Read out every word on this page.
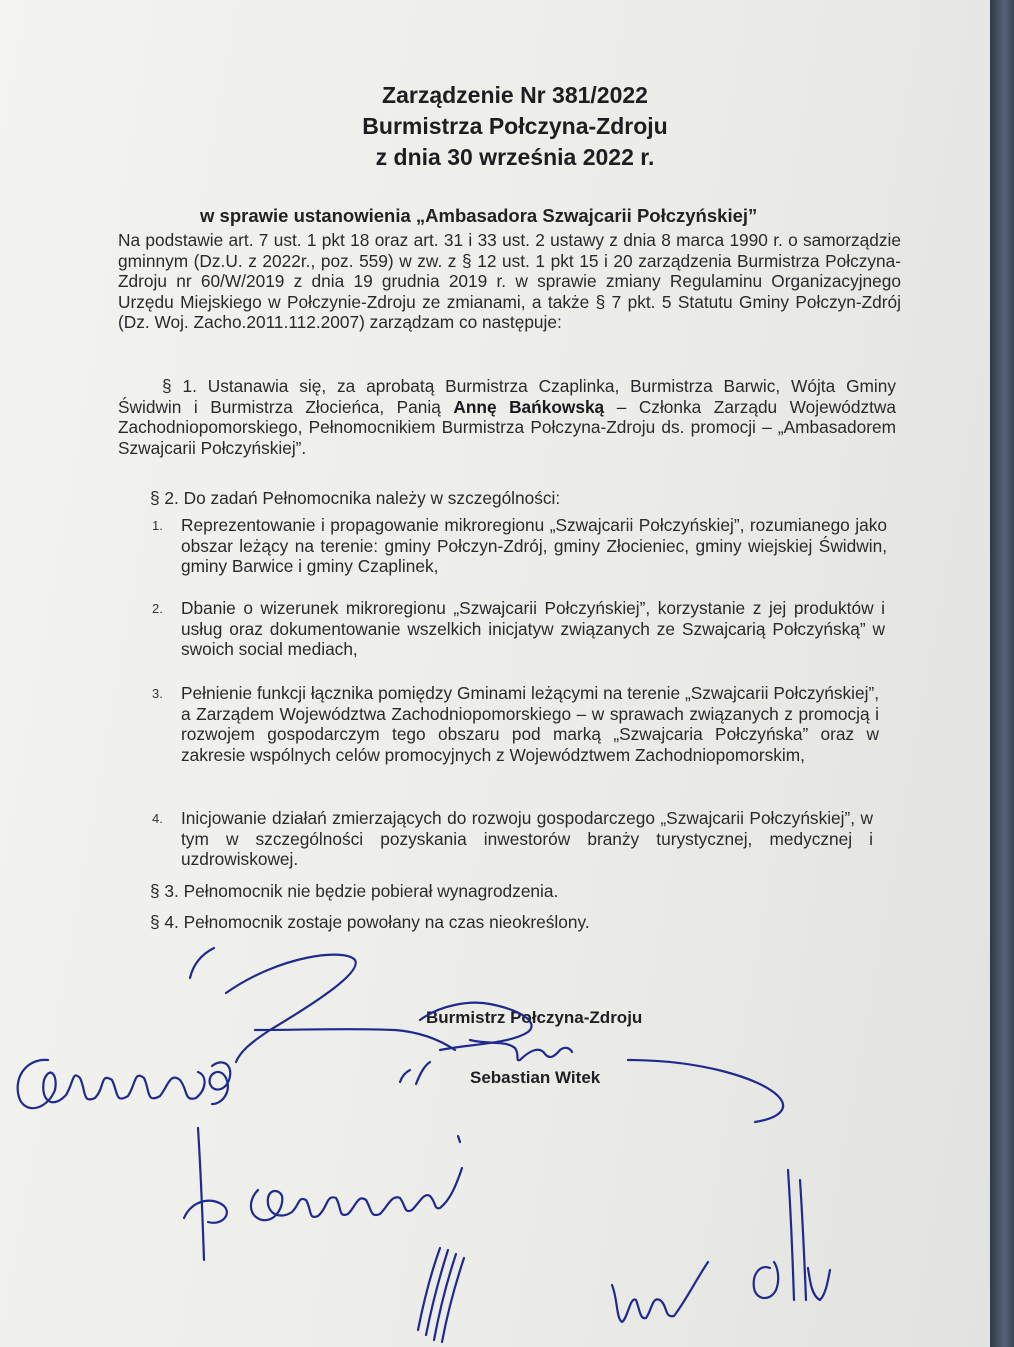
Zarządzenie Nr 381/2022
Burmistrza Połczyna-Zdroju
z dnia 30 września 2022 r.
w sprawie ustanowienia „Ambasadora Szwajcarii Połczyńskiej”
Na podstawie art. 7 ust. 1 pkt 18 oraz art. 31 i 33 ust. 2 ustawy z dnia 8 marca 1990 r. o samorządzie gminnym (Dz.U. z 2022r., poz. 559) w zw. z § 12 ust. 1 pkt 15 i 20 zarządzenia Burmistrza Połczyna-Zdroju nr 60/W/2019 z dnia 19 grudnia 2019 r. w sprawie zmiany Regulaminu Organizacyjnego Urzędu Miejskiego w Połczynie-Zdroju ze zmianami, a także § 7 pkt. 5 Statutu Gminy Połczyn-Zdrój (Dz. Woj. Zacho.2011.112.2007) zarządzam co następuje:
§ 1. Ustanawia się, za aprobatą Burmistrza Czaplinka, Burmistrza Barwic, Wójta Gminy Świdwin i Burmistrza Złocieńca, Panią Annę Bańkowską – Członka Zarządu Województwa Zachodniopomorskiego, Pełnomocnikiem Burmistrza Połczyna-Zdroju ds. promocji – „Ambasadorem Szwajcarii Połczyńskiej”.
§ 2. Do zadań Pełnomocnika należy w szczególności:
1. Reprezentowanie i propagowanie mikroregionu „Szwajcarii Połczyńskiej”, rozumianego jako obszar leżący na terenie: gminy Połczyn-Zdrój, gminy Złocieniec, gminy wiejskiej Świdwin, gminy Barwice i gminy Czaplinek,
2. Dbanie o wizerunek mikroregionu „Szwajcarii Połczyńskiej”, korzystanie z jej produktów i usług oraz dokumentowanie wszelkich inicjatyw związanych ze Szwajcarią Połczyńską” w swoich social mediach,
3. Pełnienie funkcji łącznika pomiędzy Gminami leżącymi na terenie „Szwajcarii Połczyńskiej”, a Zarządem Województwa Zachodniopomorskiego – w sprawach związanych z promocją i rozwojem gospodarczym tego obszaru pod marką „Szwajcaria Połczyńska” oraz w zakresie wspólnych celów promocyjnych z Województwem Zachodniopomorskim,
4. Inicjowanie działań zmierzających do rozwoju gospodarczego „Szwajcarii Połczyńskiej”, w tym w szczególności pozyskania inwestorów branży turystycznej, medycznej i uzdrowiskowej.
§ 3. Pełnomocnik nie będzie pobierał wynagrodzenia.
§ 4. Pełnomocnik zostaje powołany na czas nieokreślony.
Burmistrz Połczyna-Zdroju
Sebastian Witek
